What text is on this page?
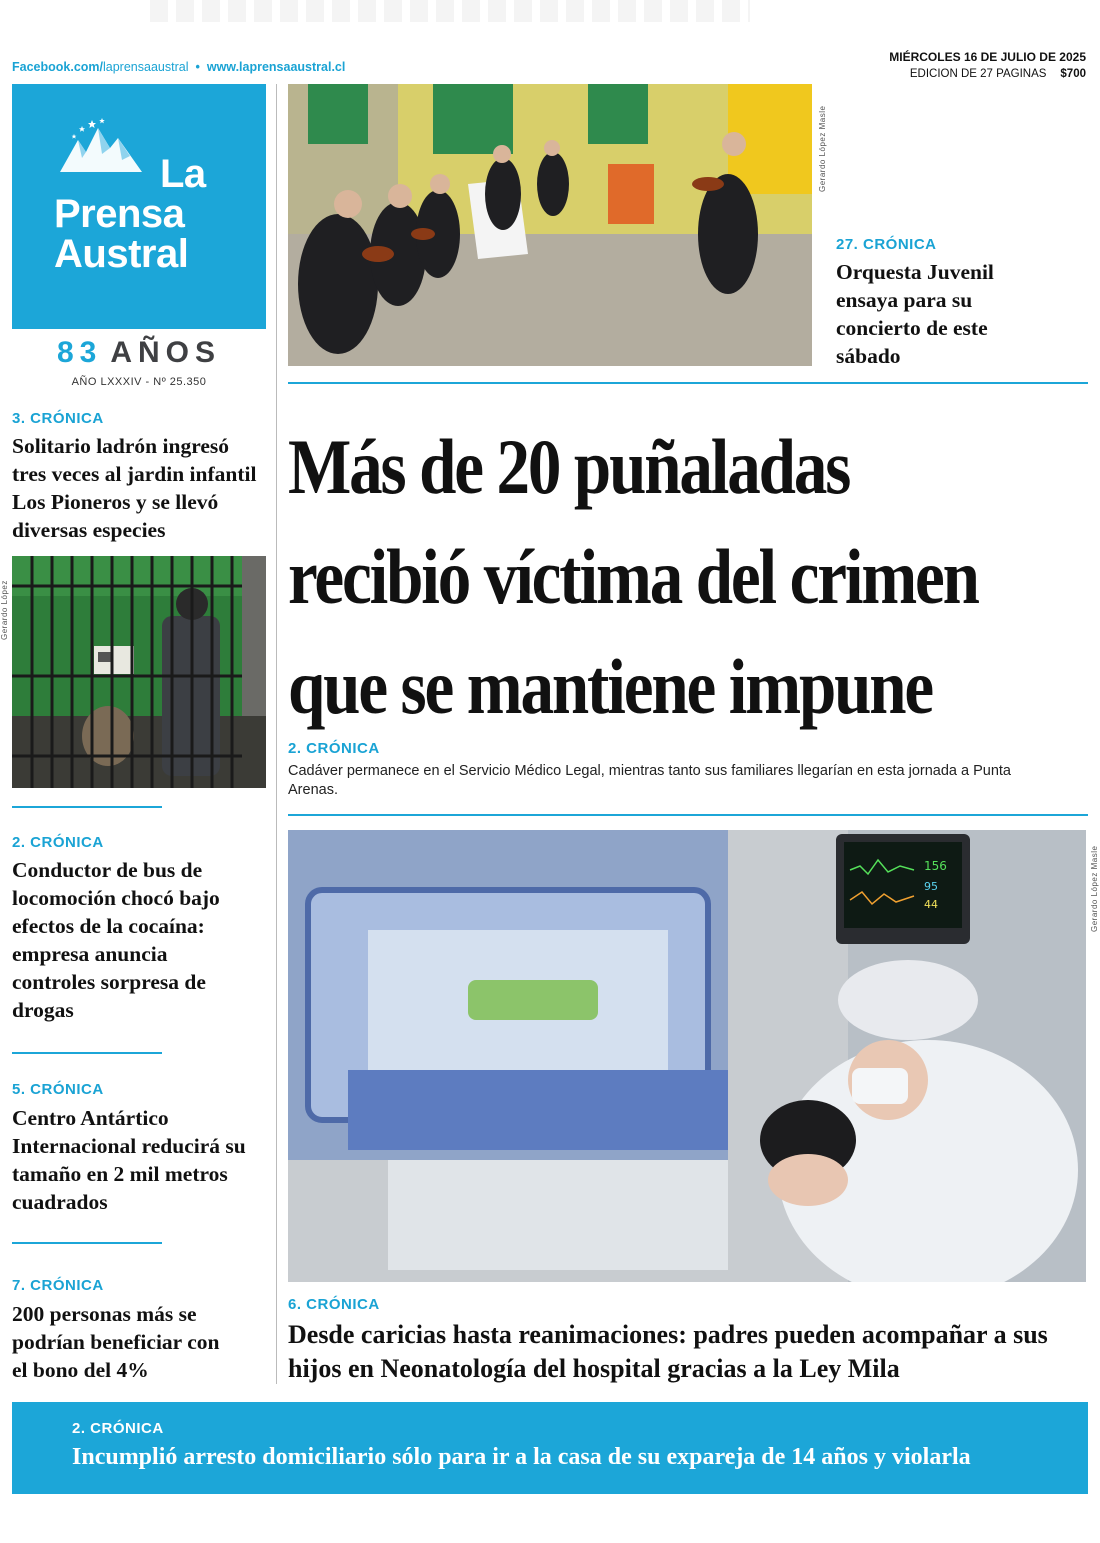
Facebook.com/laprensaaustral • www.laprensaaustral.cl
MIÉRCOLES 16 DE JULIO DE 2025
EDICION DE 27 PAGINAS $700
La
Prensa
Austral
83 AÑOS
AÑO LXXXIV - Nº 25.350
3. CRÓNICA
Solitario ladrón ingresó tres veces al jardin infantil Los Pioneros y se llevó diversas especies
Gerardo López
2. CRÓNICA
Conductor de bus de locomoción chocó bajo efectos de la cocaína: empresa anuncia controles sorpresa de drogas
5. CRÓNICA
Centro Antártico Internacional reducirá su tamaño en 2 mil metros cuadrados
7. CRÓNICA
200 personas más se podrían beneficiar con el bono del 4%
Gerardo López Masle
27. CRÓNICA
Orquesta Juvenil ensaya para su concierto de este sábado
Más de 20 puñaladas
recibió víctima del crimen
que se mantiene impune
2. CRÓNICA
Cadáver permanece en el Servicio Médico Legal, mientras tanto sus familiares llegarían en esta jornada a Punta Arenas.
156
95
44	Gerardo López Masle
6. CRÓNICA
Desde caricias hasta reanimaciones: padres pueden acompañar a sus hijos en Neonatología del hospital gracias a la Ley Mila
2. CRÓNICA
Incumplió arresto domiciliario sólo para ir a la casa de su expareja de 14 años y violarla
